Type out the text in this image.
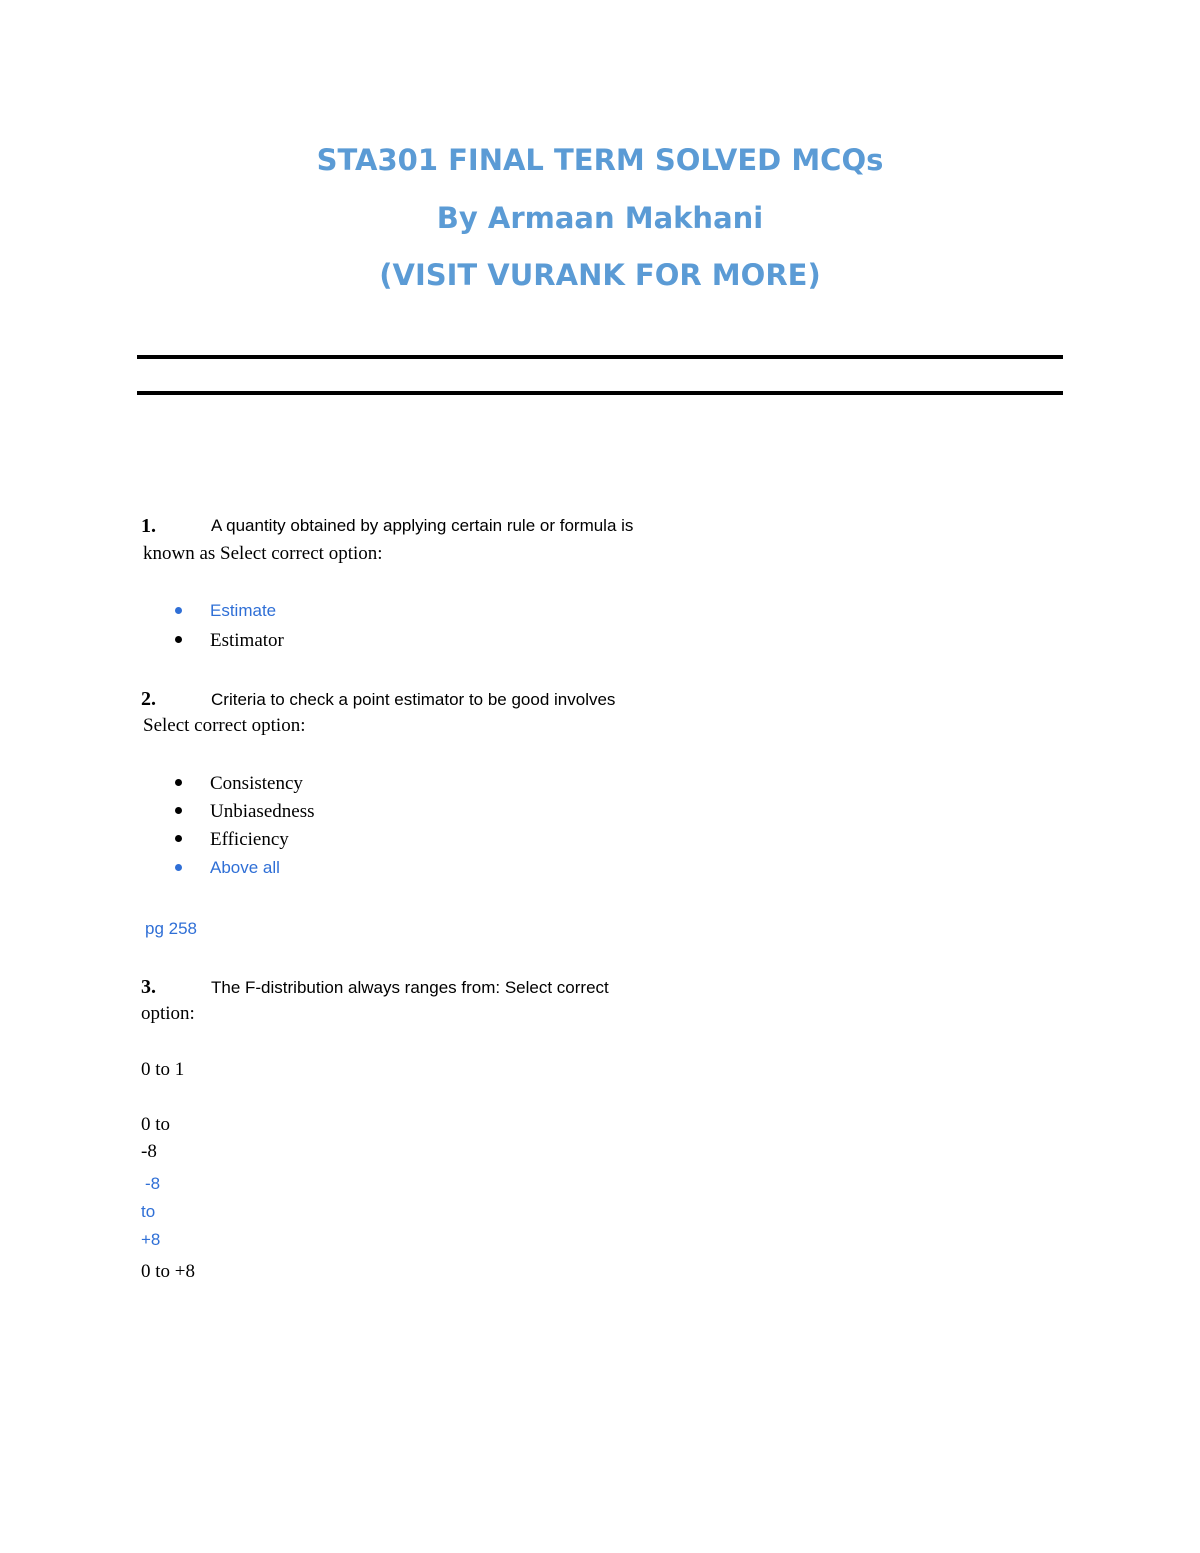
STA301 FINAL TERM SOLVED MCQs
By Armaan Makhani
(VISIT VURANK FOR MORE)
1.	A quantity obtained by applying certain rule or formula is
known as Select correct option:
Estimate
Estimator
2.	Criteria to check a point estimator to be good involves
Select correct option:
Consistency
Unbiasedness
Efficiency
Above all
pg 258
3.	The F-distribution always ranges from: Select correct
option:
0 to 1
0 to
-8
-8
to
+8
0 to +8
